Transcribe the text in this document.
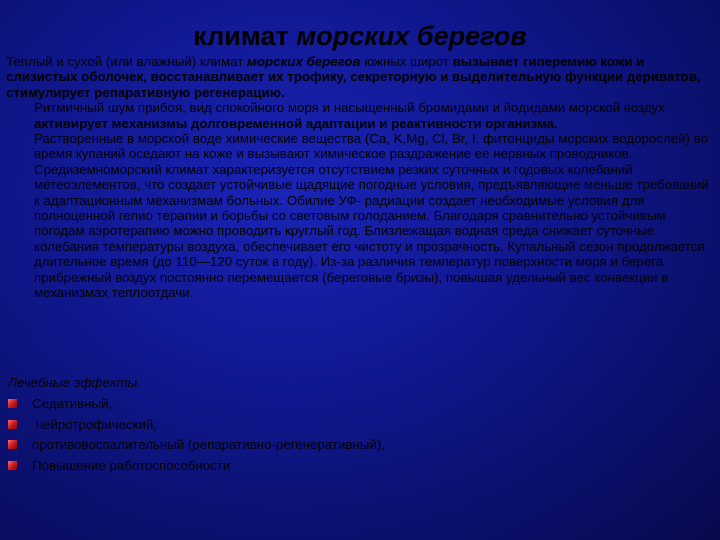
климат морских берегов

Теплый и сухой (или влажный) климат морских берегов южных широт вызывает гиперемию кожи и слизистых оболочек, восстанавливает их трофику, секреторную и выделительную функции дериватов, стимулирует репаративную регенерацию.

Ритмичный шум прибоя, вид спокойного моря и насыщенный бромидами и йодидами морской воздух активирует механизмы долговременной адаптации и реактивности организма.
Растворенные в морской воде химические вещества (Ca, K,Mg, Cl, Br, I, фитонциды морских водорослей) во время купаний оседают на коже и вызывают химическое раздражение ее нервных проводников. Средиземноморский климат характеризуется отсутствием резких суточных и годовых колебаний метеоэлементов, что создает устойчивые щадящие погодные условия, предъявляющие меньше требований к адаптационным механизмам больных. Обилие УФ- радиации создает необходимые условия для полноценной гелио терапии и борьбы со световым голоданием. Благодаря сравнительно устойчивым погодам аэротерапию можно проводить круглый год. Близлежащая водная среда снижает суточные колебания температуры воздуха, обеспечивает его чистоту и прозрачность. Купальный сезон продолжается длительное время (до 110—120 суток в году). Из-за различия температур поверхности моря и берега прибрежный воздух постоянно перемещается (береговые бризы), повышая удельный вес конвекции в механизмах теплоотдачи.
Лечебные эффекты.
Седативный,
нейротрофический,
противовоспалительный (репаративно-регенеративный),
Повышение работоспособности
